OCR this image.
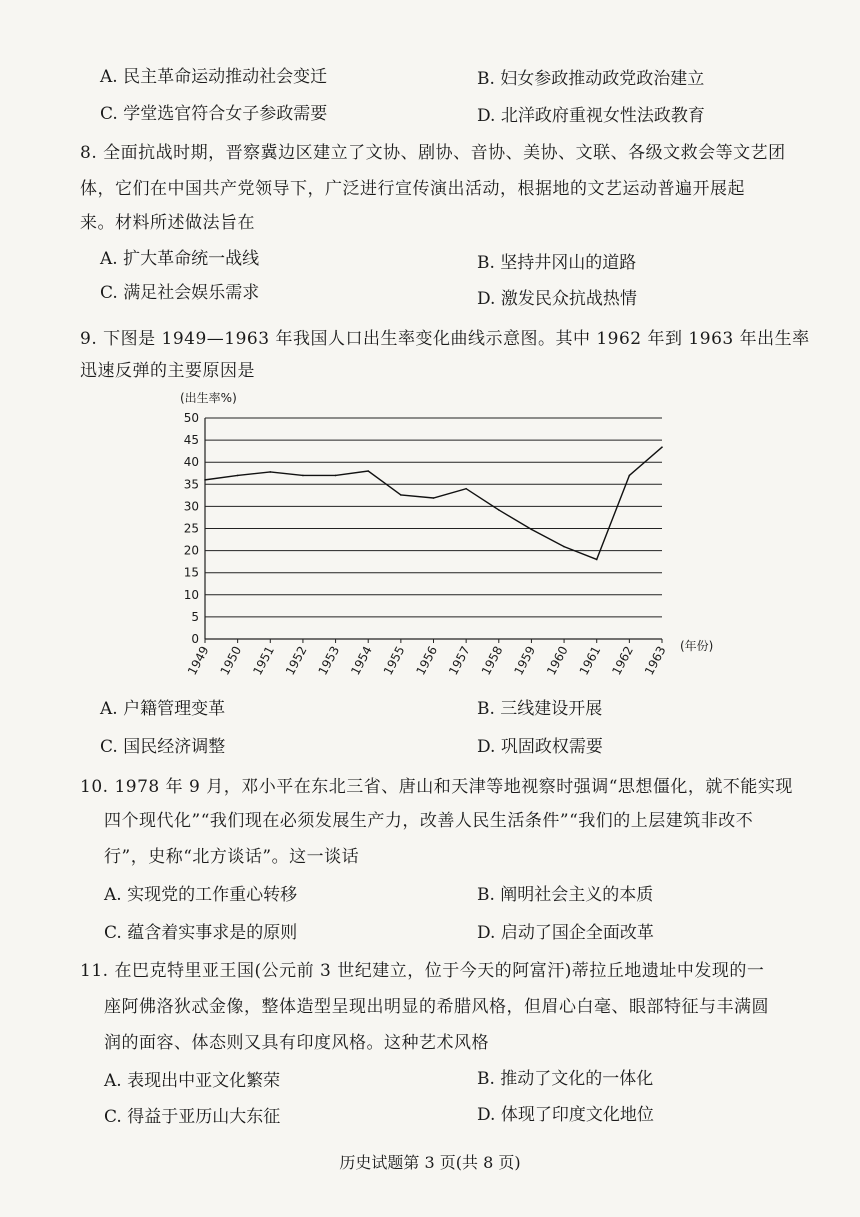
A. 民主革命运动推动社会变迁	B. 妇女参政推动政党政治建立
C. 学堂选官符合女子参政需要	D. 北洋政府重视女性法政教育
8. 全面抗战时期，晋察冀边区建立了文协、剧协、音协、美协、文联、各级文救会等文艺团
体，它们在中国共产党领导下，广泛进行宣传演出活动，根据地的文艺运动普遍开展起
来。材料所述做法旨在
A. 扩大革命统一战线	B. 坚持井冈山的道路
C. 满足社会娱乐需求	D. 激发民众抗战热情
9. 下图是 1949—1963 年我国人口出生率变化曲线示意图。其中 1962 年到 1963 年出生率
迅速反弹的主要原因是
(出生率%)
(年份)
0
5
10
15
20
25
30
35
40
45
50
1949 1950 1951 1952 1953 1954 1955 1956 1957 1958 1959 1960 1961 1962 1963
A. 户籍管理变革	B. 三线建设开展
C. 国民经济调整	D. 巩固政权需要
10. 1978 年 9 月，邓小平在东北三省、唐山和天津等地视察时强调“思想僵化，就不能实现
四个现代化”“我们现在必须发展生产力，改善人民生活条件”“我们的上层建筑非改不
行”，史称“北方谈话”。这一谈话
A. 实现党的工作重心转移	B. 阐明社会主义的本质
C. 蕴含着实事求是的原则	D. 启动了国企全面改革
11. 在巴克特里亚王国(公元前 3 世纪建立，位于今天的阿富汗)蒂拉丘地遗址中发现的一
座阿佛洛狄忒金像，整体造型呈现出明显的希腊风格，但眉心白毫、眼部特征与丰满圆
润的面容、体态则又具有印度风格。这种艺术风格
A. 表现出中亚文化繁荣	B. 推动了文化的一体化
C. 得益于亚历山大东征	D. 体现了印度文化地位
历史试题第 3 页(共 8 页)
